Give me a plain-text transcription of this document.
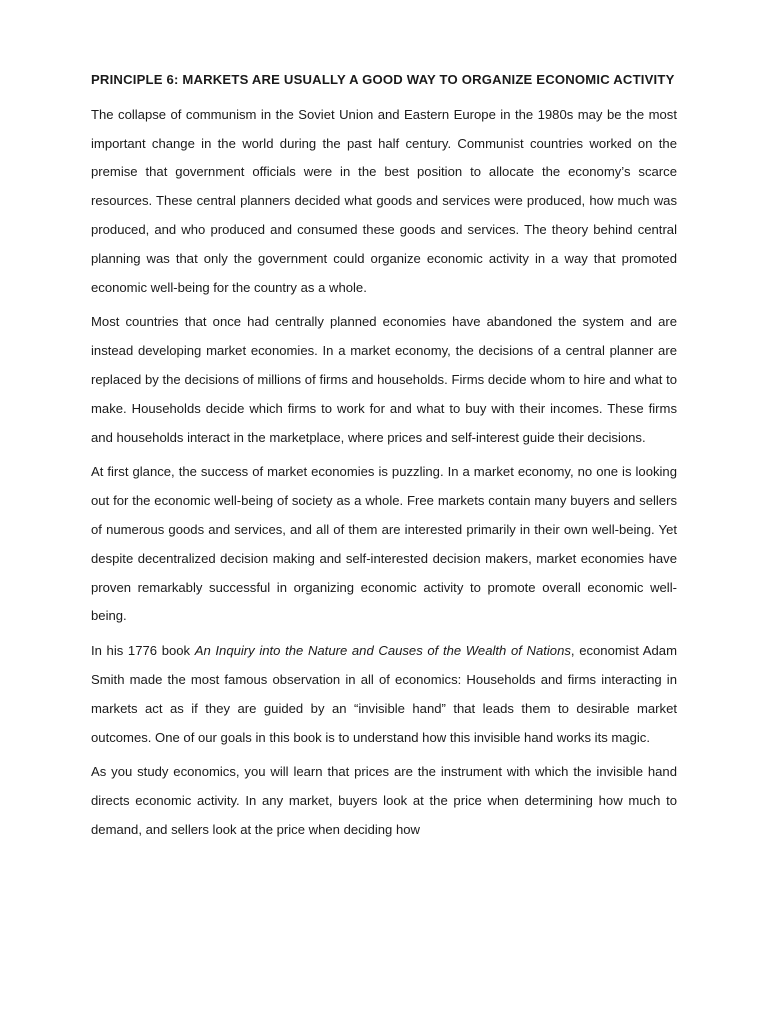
PRINCIPLE 6: MARKETS ARE USUALLY A GOOD WAY TO ORGANIZE ECONOMIC ACTIVITY

The collapse of communism in the Soviet Union and Eastern Europe in the 1980s may be the most important change in the world during the past half century. Communist countries worked on the premise that government officials were in the best position to allocate the economy’s scarce resources. These central planners decided what goods and services were produced, how much was produced, and who produced and consumed these goods and services. The theory behind central planning was that only the government could organize economic activity in a way that promoted economic well-being for the country as a whole.

Most countries that once had centrally planned economies have abandoned the system and are instead developing market economies. In a market economy, the decisions of a central planner are replaced by the decisions of millions of firms and households. Firms decide whom to hire and what to make. Households decide which firms to work for and what to buy with their incomes. These firms and households interact in the marketplace, where prices and self-interest guide their decisions.

At first glance, the success of market economies is puzzling. In a market economy, no one is looking out for the economic well-being of society as a whole. Free markets contain many buyers and sellers of numerous goods and services, and all of them are interested primarily in their own well-being. Yet despite decentralized decision making and self-interested decision makers, market economies have proven remarkably successful in organizing economic activity to promote overall economic well-being.

In his 1776 book An Inquiry into the Nature and Causes of the Wealth of Nations, economist Adam Smith made the most famous observation in all of economics: Households and firms interacting in markets act as if they are guided by an “invisible hand” that leads them to desirable market outcomes. One of our goals in this book is to understand how this invisible hand works its magic.

As you study economics, you will learn that prices are the instrument with which the invisible hand directs economic activity. In any market, buyers look at the price when determining how much to demand, and sellers look at the price when deciding how
